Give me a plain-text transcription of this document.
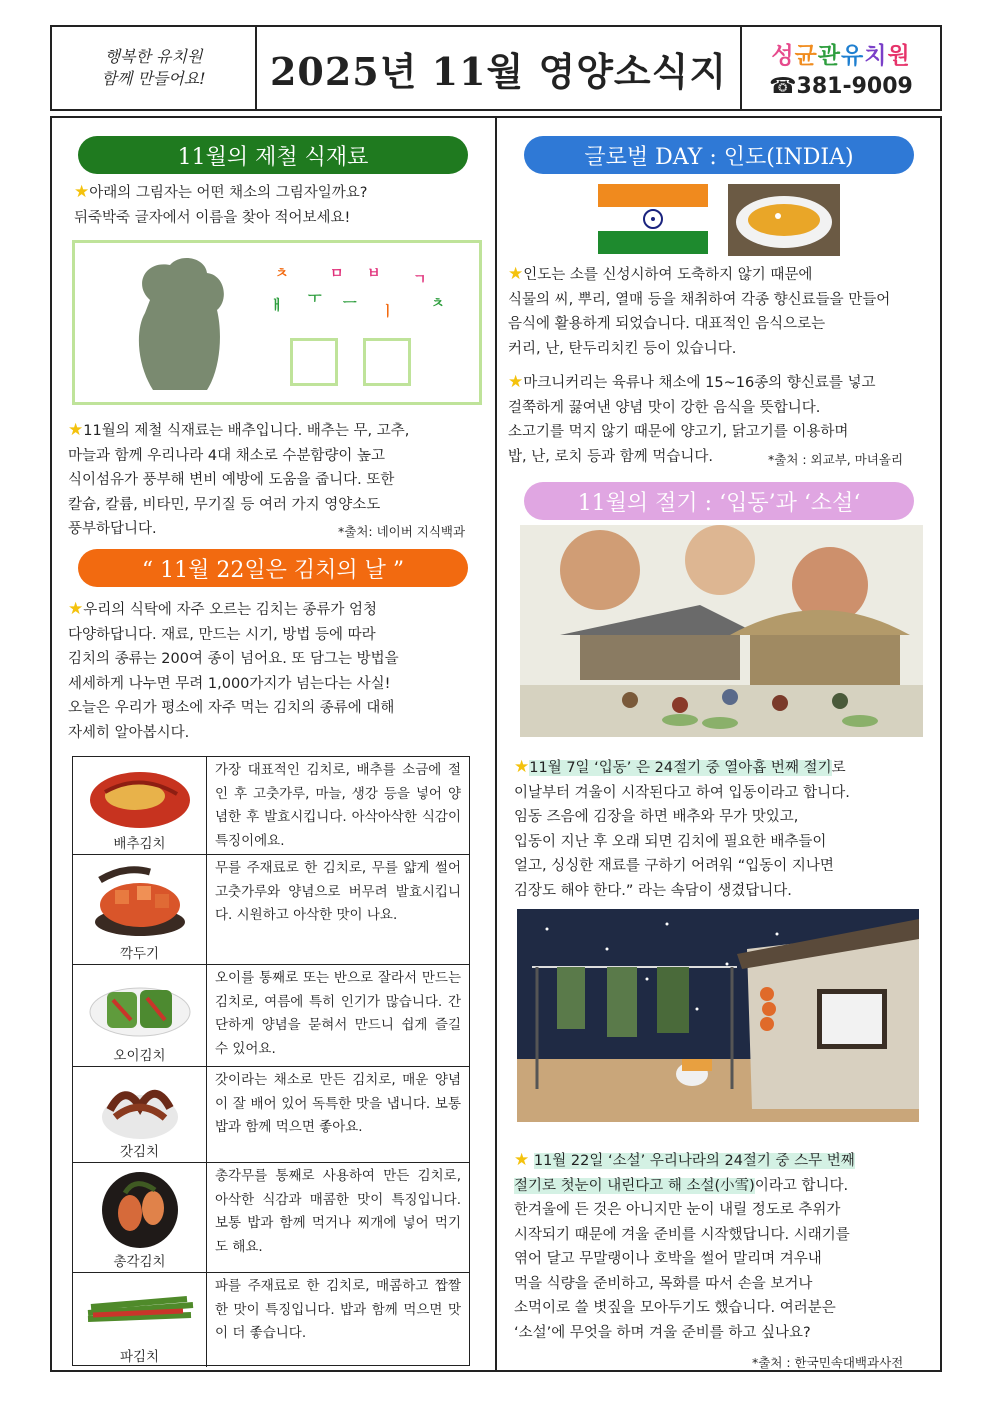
행복한 유치원
함께 만들어요!	2025년 11월 영양소식지	성균관유치원
☎381-9009
11월의 제철 식재료
★아래의 그림자는 어떤 채소의 그림자일까요?
뒤죽박죽 글자에서 이름을 찾아 적어보세요!
ㅊ	ㅁ ㅂ ㄱ
ㅐ ㅜ ㅡ ㅣ	ㅊ
★11월의 제철 식재료는 배추입니다. 배추는 무, 고추,
마늘과 함께 우리나라 4대 채소로 수분함량이 높고
식이섬유가 풍부해 변비 예방에 도움을 줍니다. 또한
칼슘, 칼륨, 비타민, 무기질 등 여러 가지 영양소도
풍부하답니다.	*출처: 네이버 지식백과
“ 11월 22일은 김치의 날 ”
★우리의 식탁에 자주 오르는 김치는 종류가 엄청
다양하답니다. 재료, 만드는 시기, 방법 등에 따라
김치의 종류는 200여 종이 넘어요. 또 담그는 방법을
세세하게 나누면 무려 1,000가지가 넘는다는 사실!
오늘은 우리가 평소에 자주 먹는 김치의 종류에 대해
자세히 알아봅시다.
배추김치
가장 대표적인 김치로, 배추를 소금에 절인 후 고춧가루, 마늘, 생강 등을 넣어 양념한 후 발효시킵니다. 아삭아삭한 식감이 특징이에요.
깍두기
무를 주재료로 한 김치로, 무를 얇게 썰어 고춧가루와 양념으로 버무려 발효시킵니다. 시원하고 아삭한 맛이 나요.
오이김치
오이를 통째로 또는 반으로 잘라서 만드는 김치로, 여름에 특히 인기가 많습니다. 간단하게 양념을 묻혀서 만드니 쉽게 즐길 수 있어요.
갓김치
갓이라는 채소로 만든 김치로, 매운 양념이 잘 배어 있어 독특한 맛을 냅니다. 보통 밥과 함께 먹으면 좋아요.
총각김치
총각무를 통째로 사용하여 만든 김치로, 아삭한 식감과 매콤한 맛이 특징입니다. 보통 밥과 함께 먹거나 찌개에 넣어 먹기도 해요.
파김치
파를 주재료로 한 김치로, 매콤하고 짭짤한 맛이 특징입니다. 밥과 함께 먹으면 맛이 더 좋습니다.
글로벌 DAY : 인도(INDIA)
★인도는 소를 신성시하여 도축하지 않기 때문에
식물의 씨, 뿌리, 열매 등을 채취하여 각종 향신료들을 만들어
음식에 활용하게 되었습니다. 대표적인 음식으로는
커리, 난, 탄두리치킨 등이 있습니다.
★마크니커리는 육류나 채소에 15~16종의 향신료를 넣고
걸쭉하게 끓여낸 양념 맛이 강한 음식을 뜻합니다.
소고기를 먹지 않기 때문에 양고기, 닭고기를 이용하며
밥, 난, 로치 등과 함께 먹습니다.	*출처 : 외교부, 마녀올리
11월의 절기 : ‘입동’과 ‘소설‘
★11월 7일 ‘입동’ 은 24절기 중 열아홉 번째 절기로
이날부터 겨울이 시작된다고 하여 입동이라고 합니다.
임동 즈음에 김장을 하면 배추와 무가 맛있고,
입동이 지난 후 오래 되면 김치에 필요한 배추들이
얼고, 싱싱한 재료를 구하기 어려워 “입동이 지나면
김장도 해야 한다.” 라는 속담이 생겼답니다.
★ 11월 22일 ‘소설’ 우리나라의 24절기 중 스무 번째
절기로 첫눈이 내린다고 해 소설(小雪)이라고 합니다.
한겨울에 든 것은 아니지만 눈이 내릴 정도로 추위가
시작되기 때문에 겨울 준비를 시작했답니다. 시래기를
엮어 달고 무말랭이나 호박을 썰어 말리며 겨우내
먹을 식량을 준비하고, 목화를 따서 손을 보거나
소먹이로 쓸 볏짚을 모아두기도 했습니다. 여러분은
‘소설’에 무엇을 하며 겨울 준비를 하고 싶나요?
*출처 : 한국민속대백과사전
